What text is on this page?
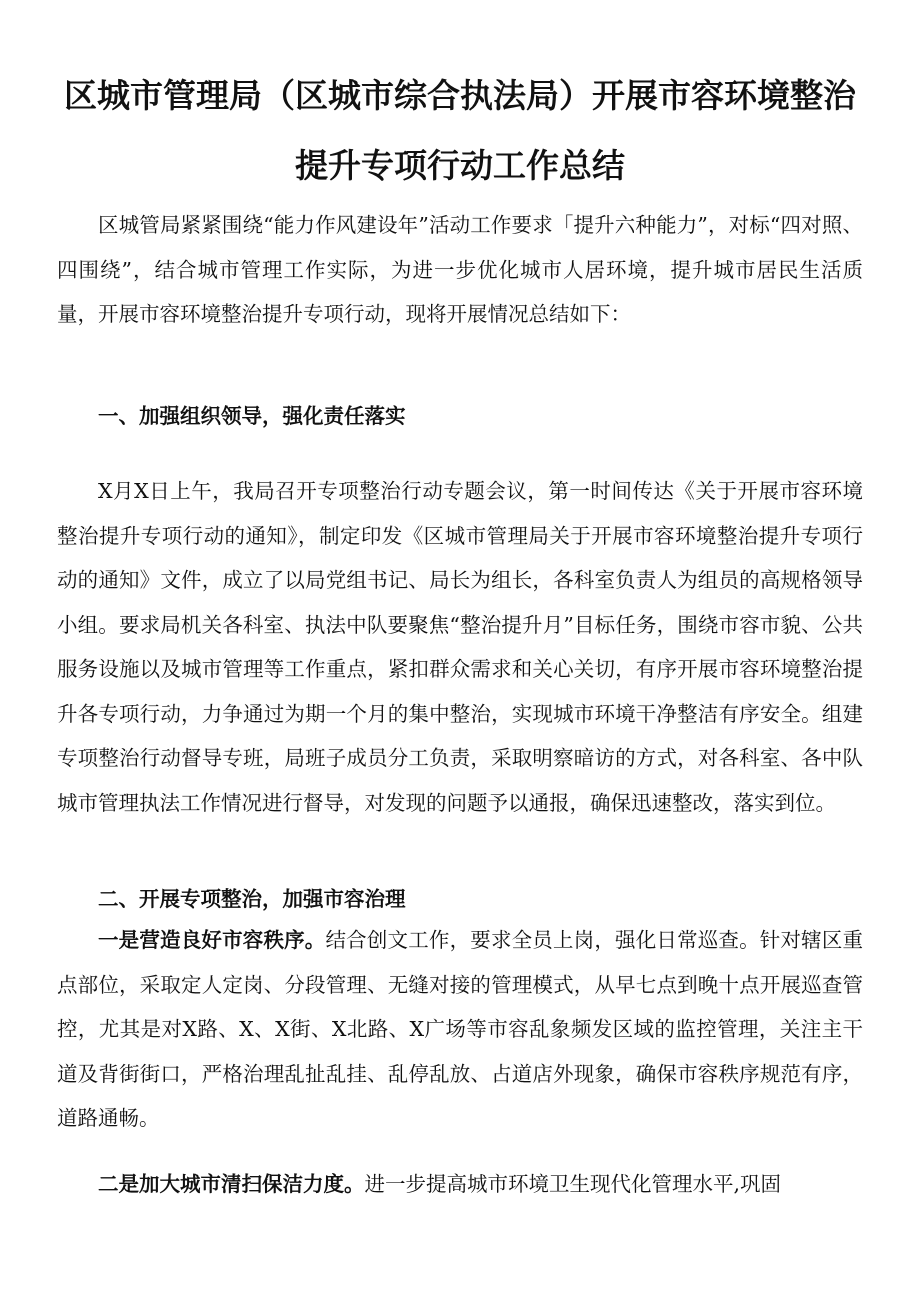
区城市管理局（区城市综合执法局）开展市容环境整治
提升专项行动工作总结

区城管局紧紧围绕“能力作风建设年”活动工作要求「提升六种能力”，对标“四对照、四围绕”，结合城市管理工作实际，为进一步优化城市人居环境，提升城市居民生活质量，开展市容环境整治提升专项行动，现将开展情况总结如下：

一、加强组织领导，强化责任落实

X月X日上午，我局召开专项整治行动专题会议，第一时间传达《关于开展市容环境整治提升专项行动的通知》，制定印发《区城市管理局关于开展市容环境整治提升专项行动的通知》文件，成立了以局党组书记、局长为组长，各科室负责人为组员的高规格领导小组。要求局机关各科室、执法中队要聚焦“整治提升月”目标任务，围绕市容市貌、公共服务设施以及城市管理等工作重点，紧扣群众需求和关心关切，有序开展市容环境整治提升各专项行动，力争通过为期一个月的集中整治，实现城市环境干净整洁有序安全。组建专项整治行动督导专班，局班子成员分工负责，采取明察暗访的方式，对各科室、各中队城市管理执法工作情况进行督导，对发现的问题予以通报，确保迅速整改，落实到位。

二、开展专项整治，加强市容治理

一是营造良好市容秩序。结合创文工作，要求全员上岗，强化日常巡查。针对辖区重点部位，采取定人定岗、分段管理、无缝对接的管理模式，从早七点到晚十点开展巡查管控，尤其是对X路、X、X街、X北路、X广场等市容乱象频发区域的监控管理，关注主干道及背街街口，严格治理乱扯乱挂、乱停乱放、占道店外现象，确保市容秩序规范有序，道路通畅。

二是加大城市清扫保洁力度。进一步提高城市环境卫生现代化管理水平,巩固
